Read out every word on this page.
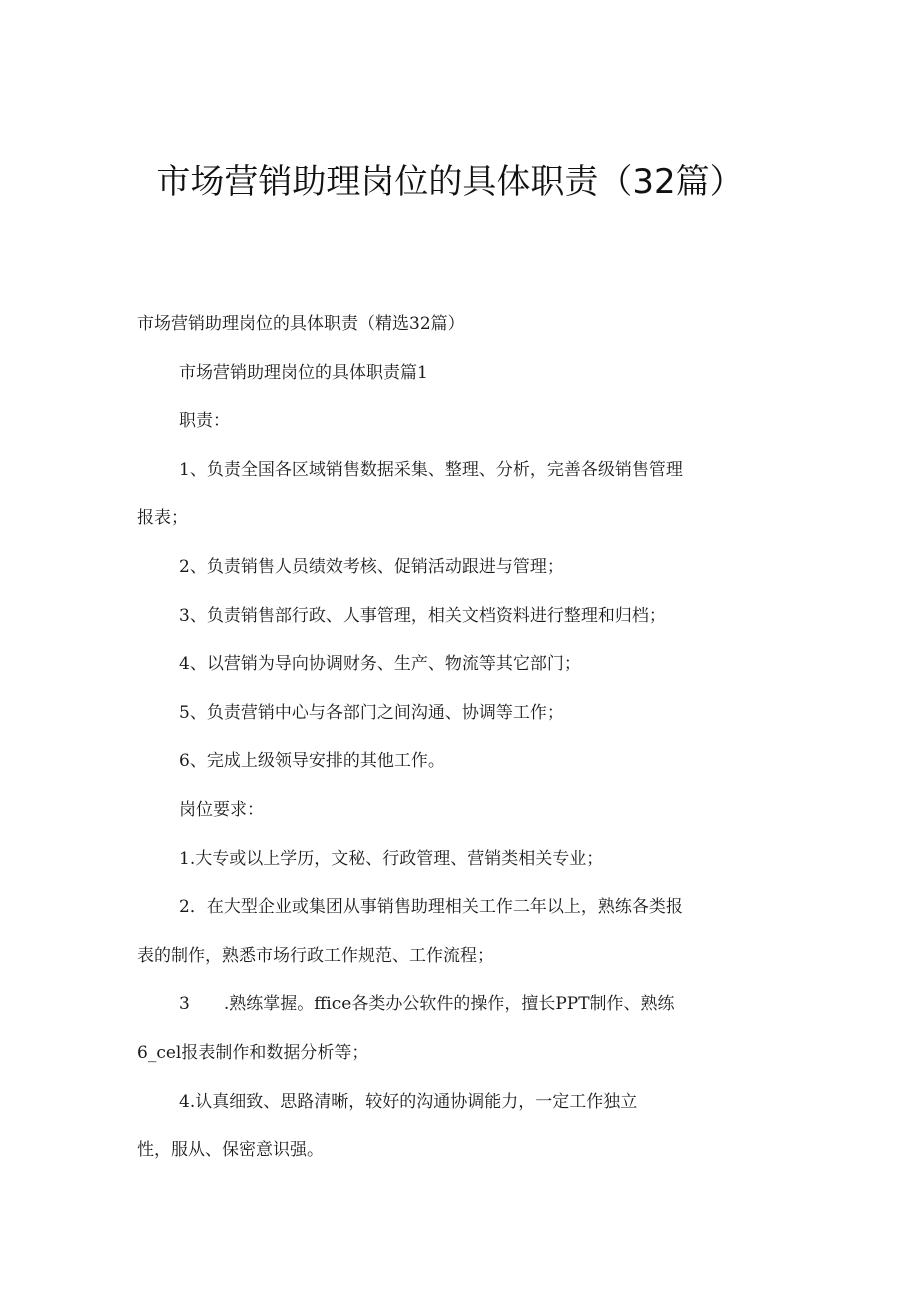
市场营销助理岗位的具体职责（32篇）
市场营销助理岗位的具体职责（精选32篇）
市场营销助理岗位的具体职责篇1
职责：
1、负责全国各区域销售数据采集、整理、分析，完善各级销售管理
报表；
2、负责销售人员绩效考核、促销活动跟进与管理；
3、负责销售部行政、人事管理，相关文档资料进行整理和归档；
4、以营销为导向协调财务、生产、物流等其它部门；
5、负责营销中心与各部门之间沟通、协调等工作；
6、完成上级领导安排的其他工作。
岗位要求：
1.大专或以上学历，文秘、行政管理、营销类相关专业；
2．在大型企业或集团从事销售助理相关工作二年以上，熟练各类报
表的制作，熟悉市场行政工作规范、工作流程；
3　　.熟练掌握。ffice各类办公软件的操作，擅长PPT制作、熟练
6_cel报表制作和数据分析等；
4.认真细致、思路清晰，较好的沟通协调能力，一定工作独立
性，服从、保密意识强。
